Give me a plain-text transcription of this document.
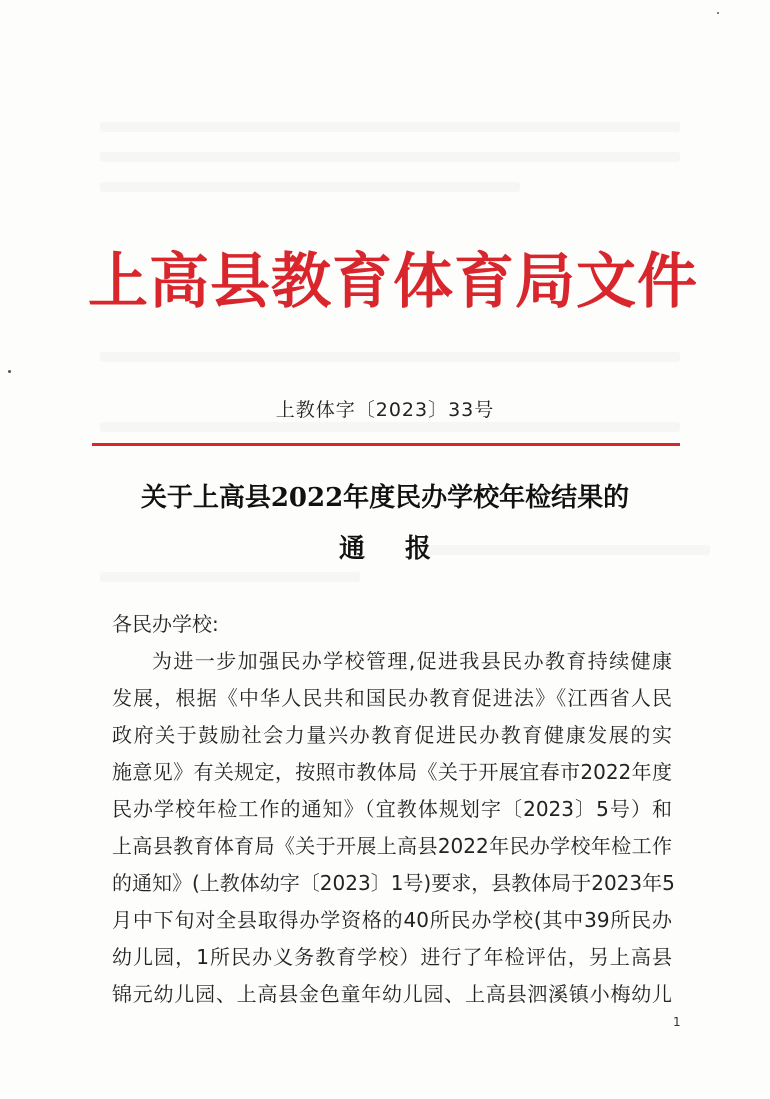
上高县教育体育局文件
上教体字〔2023〕33号
关于上高县2022年度民办学校年检结果的
通报
各民办学校:
为进一步加强民办学校管理,促进我县民办教育持续健康
发展，根据《中华人民共和国民办教育促进法》《江西省人民
政府关于鼓励社会力量兴办教育促进民办教育健康发展的实
施意见》有关规定，按照市教体局《关于开展宜春市2022年度
民办学校年检工作的通知》（宜教体规划字〔2023〕5号）和
上高县教育体育局《关于开展上高县2022年民办学校年检工作
的通知》(上教体幼字〔2023〕1号)要求，县教体局于2023年5
月中下旬对全县取得办学资格的40所民办学校(其中39所民办
幼儿园，1所民办义务教育学校）进行了年检评估，另上高县
锦元幼儿园、上高县金色童年幼儿园、上高县泗溪镇小梅幼儿
1
